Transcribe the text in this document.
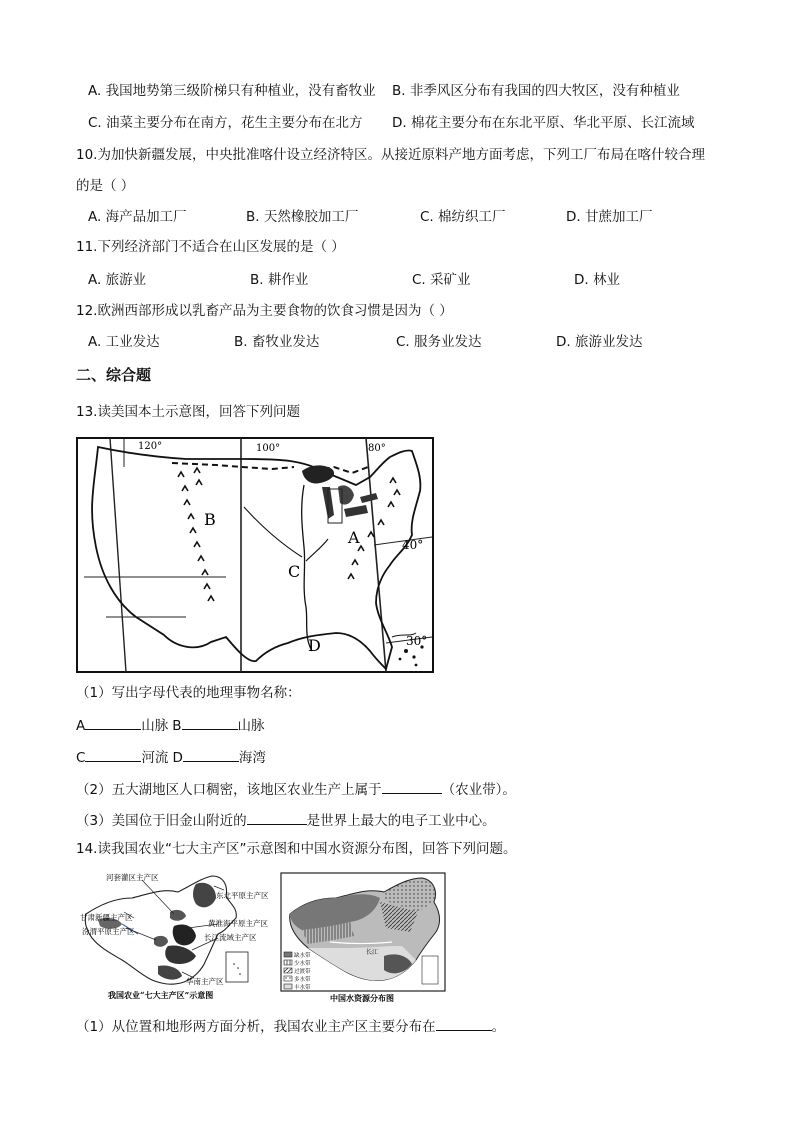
A. 我国地势第三级阶梯只有种植业，没有畜牧业 B. 非季风区分布有我国的四大牧区，没有种植业
C. 油菜主要分布在南方，花生主要分布在北方 D. 棉花主要分布在东北平原、华北平原、长江流域
10.为加快新疆发展，中央批准喀什设立经济特区。从接近原料产地方面考虑，下列工厂布局在喀什较合理
的是（ ）
A. 海产品加工厂	B. 天然橡胶加工厂	C. 棉纺织工厂	D. 甘蔗加工厂
11.下列经济部门不适合在山区发展的是（ ）
A. 旅游业	B. 耕作业	C. 采矿业	D. 林业
12.欧洲西部形成以乳畜产品为主要食物的饮食习惯是因为（ ）
A. 工业发达	B. 畜牧业发达	C. 服务业发达	D. 旅游业发达
二、综合题
13.读美国本土示意图，回答下列问题
120°	100°	80°
40°
30°
A
B
C
D
（1）写出字母代表的地理事物名称：
A	山脉 B	山脉
C	河流 D	海湾
（2）五大湖地区人口稠密，该地区农业生产上属于	（农业带）。
（3）美国位于旧金山附近的	是世界上最大的电子工业中心。
14.读我国农业“七大主产区”示意图和中国水资源分布图，回答下列问题。
河套灌区主产区
东北平原主产区
甘肃新疆主产区
黄淮海平原主产区
汾渭平原主产区
长江流域主产区
华南主产区
我国农业“七大主产区”示意图
缺水带
少水带
过渡带
多水带
丰水带
长江
中国水资源分布图
（1）从位置和地形两方面分析，我国农业主产区主要分布在	。
